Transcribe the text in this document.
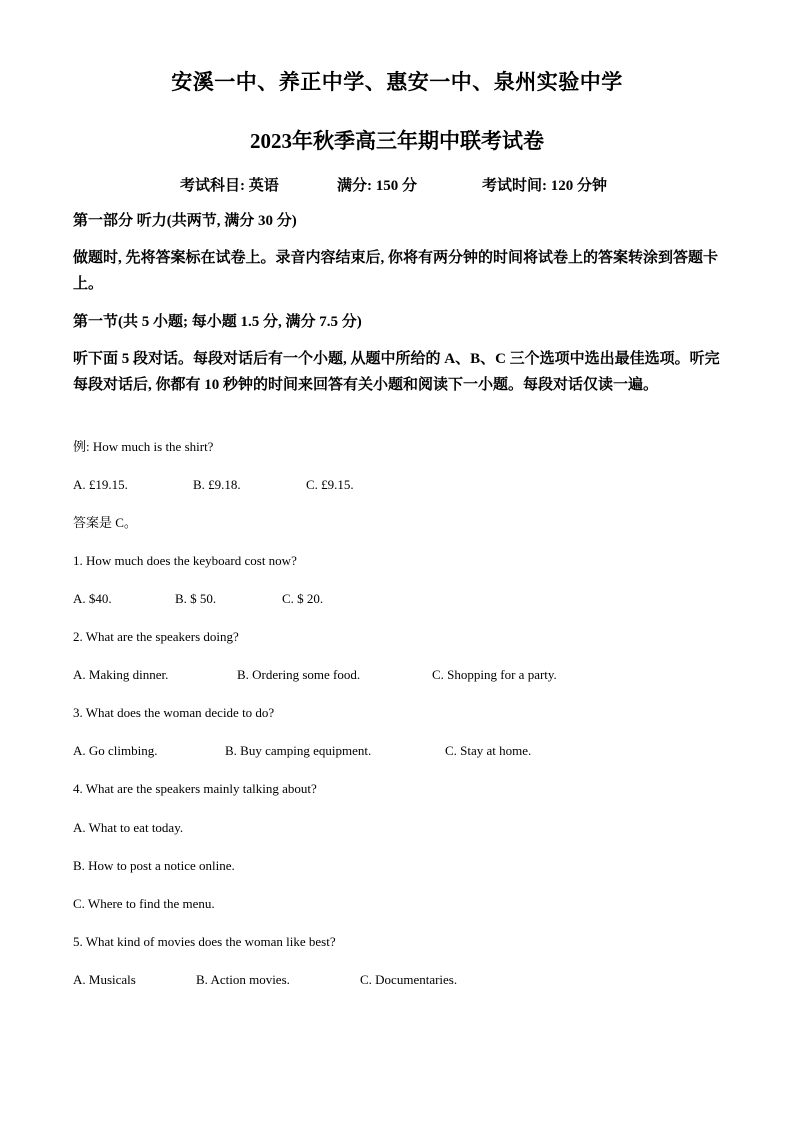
安溪一中、养正中学、惠安一中、泉州实验中学
2023年秋季高三年期中联考试卷
考试科目: 英语	满分: 150 分	考试时间: 120 分钟
第一部分 听力(共两节, 满分 30 分)
做题时, 先将答案标在试卷上。录音内容结束后, 你将有两分钟的时间将试卷上的答案转涂到答题卡上。
第一节(共 5 小题; 每小题 1.5 分, 满分 7.5 分)
听下面 5 段对话。每段对话后有一个小题, 从题中所给的 A、B、C 三个选项中选出最佳选项。听完每段对话后, 你都有 10 秒钟的时间来回答有关小题和阅读下一小题。每段对话仅读一遍。
例: How much is the shirt?
A. £19.15.	B. £9.18.	C. £9.15.
答案是 C。
1. How much does the keyboard cost now?
A. $40.	B. $ 50.	C. $ 20.
2. What are the speakers doing?
A. Making dinner.	B. Ordering some food.	C. Shopping for a party.
3. What does the woman decide to do?
A. Go climbing.	B. Buy camping equipment.	C. Stay at home.
4. What are the speakers mainly talking about?
A. What to eat today.
B. How to post a notice online.
C. Where to find the menu.
5. What kind of movies does the woman like best?
A. Musicals	B. Action movies.	C. Documentaries.
